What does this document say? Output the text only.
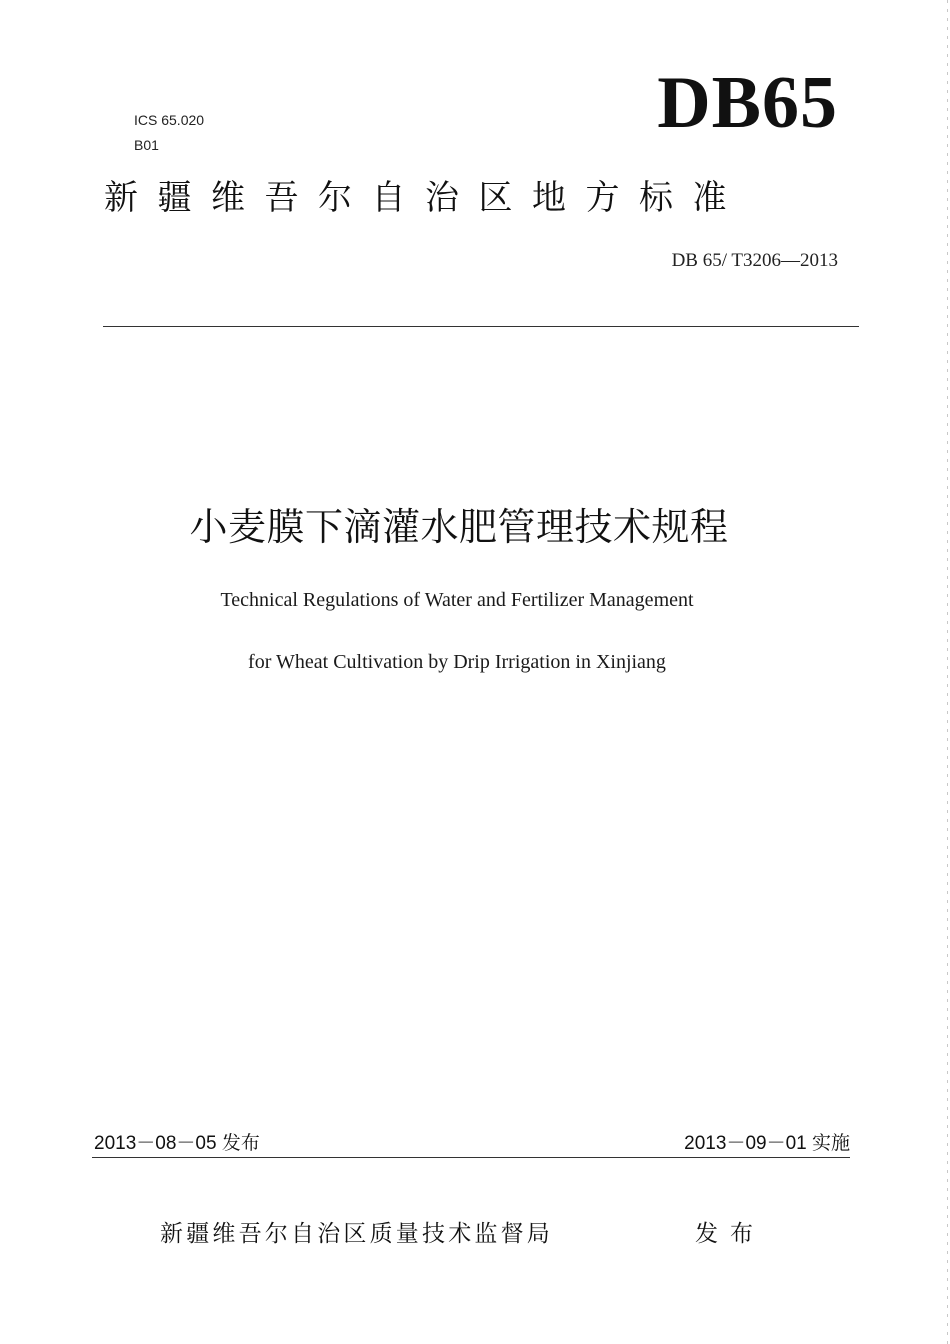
ICS 65.020
B01
DB65
新疆维吾尔自治区地方标准
DB 65/ T3206—2013
小麦膜下滴灌水肥管理技术规程
Technical Regulations of Water and Fertilizer Management
for Wheat Cultivation by Drip Irrigation in Xinjiang
2013－08－05 发布	2013－09－01 实施
新疆维吾尔自治区质量技术监督局	发布
